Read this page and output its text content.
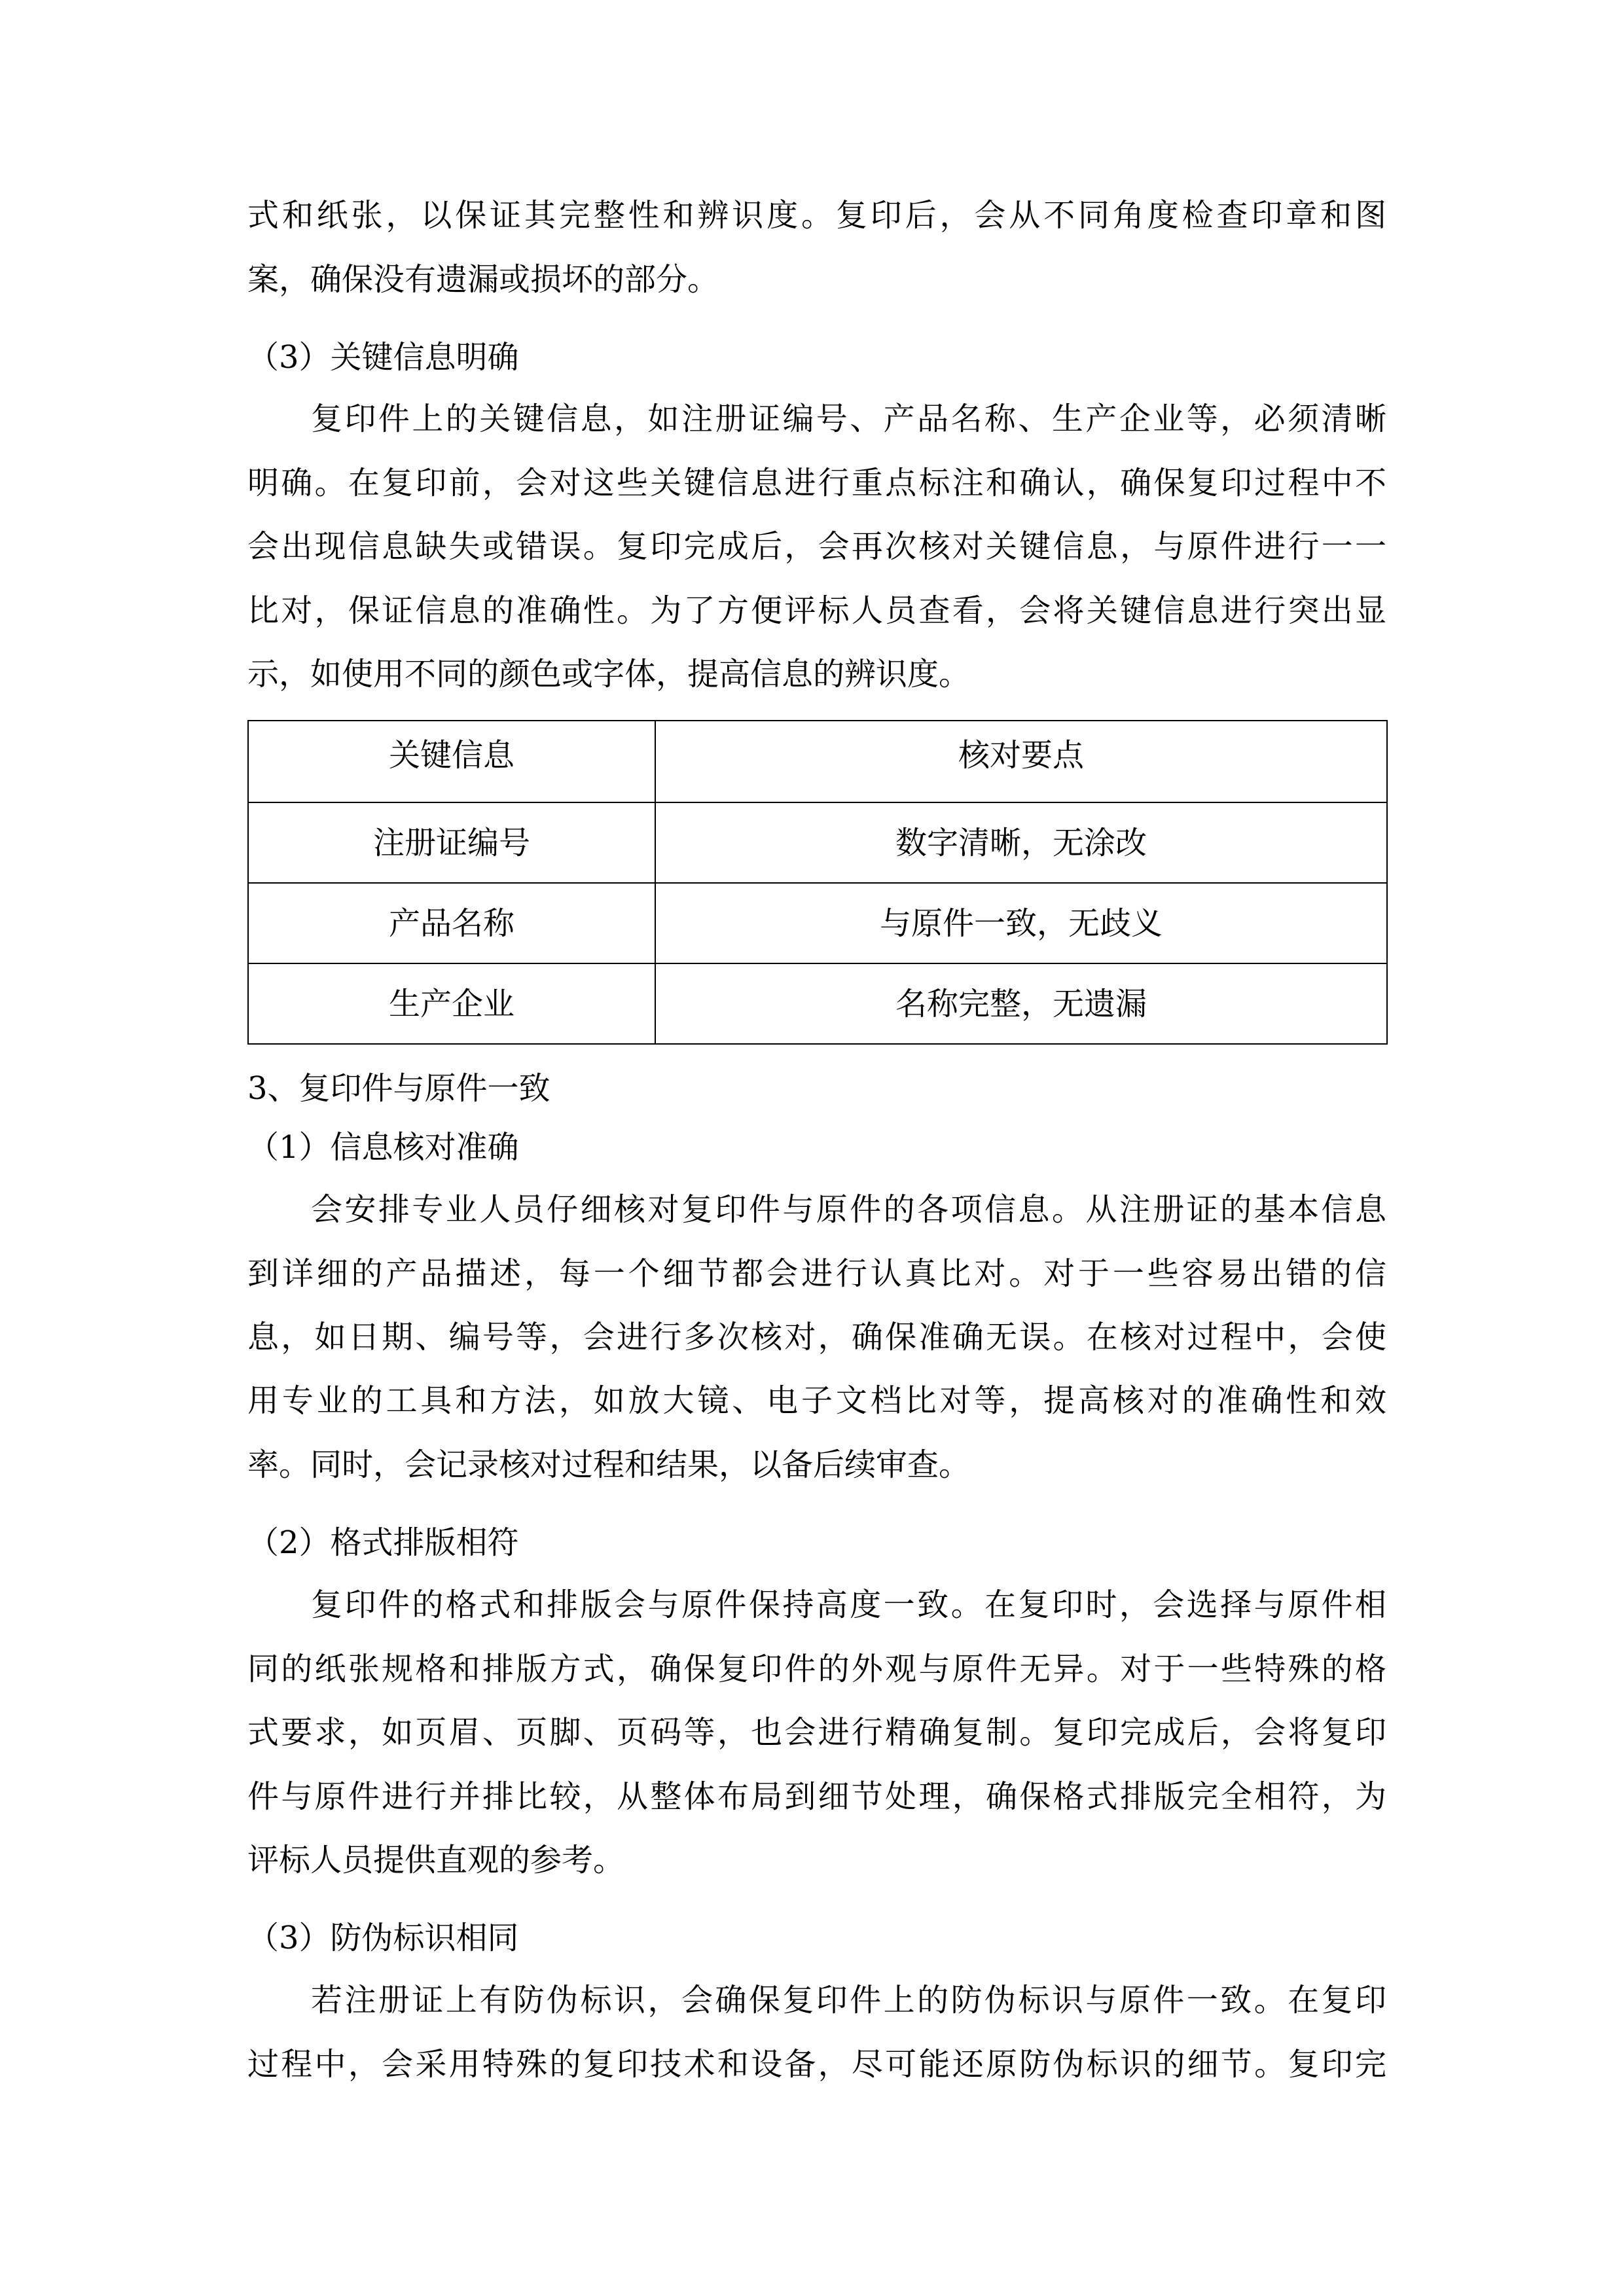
式和纸张，以保证其完整性和辨识度。复印后，会从不同角度检查印章和图
案，确保没有遗漏或损坏的部分。
（3）关键信息明确
复印件上的关键信息，如注册证编号、产品名称、生产企业等，必须清晰
明确。在复印前，会对这些关键信息进行重点标注和确认，确保复印过程中不
会出现信息缺失或错误。复印完成后，会再次核对关键信息，与原件进行一一
比对，保证信息的准确性。为了方便评标人员查看，会将关键信息进行突出显
示，如使用不同的颜色或字体，提高信息的辨识度。
关键信息	核对要点
注册证编号	数字清晰，无涂改
产品名称	与原件一致，无歧义
生产企业	名称完整，无遗漏
3、复印件与原件一致
（1）信息核对准确
会安排专业人员仔细核对复印件与原件的各项信息。从注册证的基本信息
到详细的产品描述，每一个细节都会进行认真比对。对于一些容易出错的信
息，如日期、编号等，会进行多次核对，确保准确无误。在核对过程中，会使
用专业的工具和方法，如放大镜、电子文档比对等，提高核对的准确性和效
率。同时，会记录核对过程和结果，以备后续审查。
（2）格式排版相符
复印件的格式和排版会与原件保持高度一致。在复印时，会选择与原件相
同的纸张规格和排版方式，确保复印件的外观与原件无异。对于一些特殊的格
式要求，如页眉、页脚、页码等，也会进行精确复制。复印完成后，会将复印
件与原件进行并排比较，从整体布局到细节处理，确保格式排版完全相符，为
评标人员提供直观的参考。
（3）防伪标识相同
若注册证上有防伪标识，会确保复印件上的防伪标识与原件一致。在复印
过程中，会采用特殊的复印技术和设备，尽可能还原防伪标识的细节。复印完
